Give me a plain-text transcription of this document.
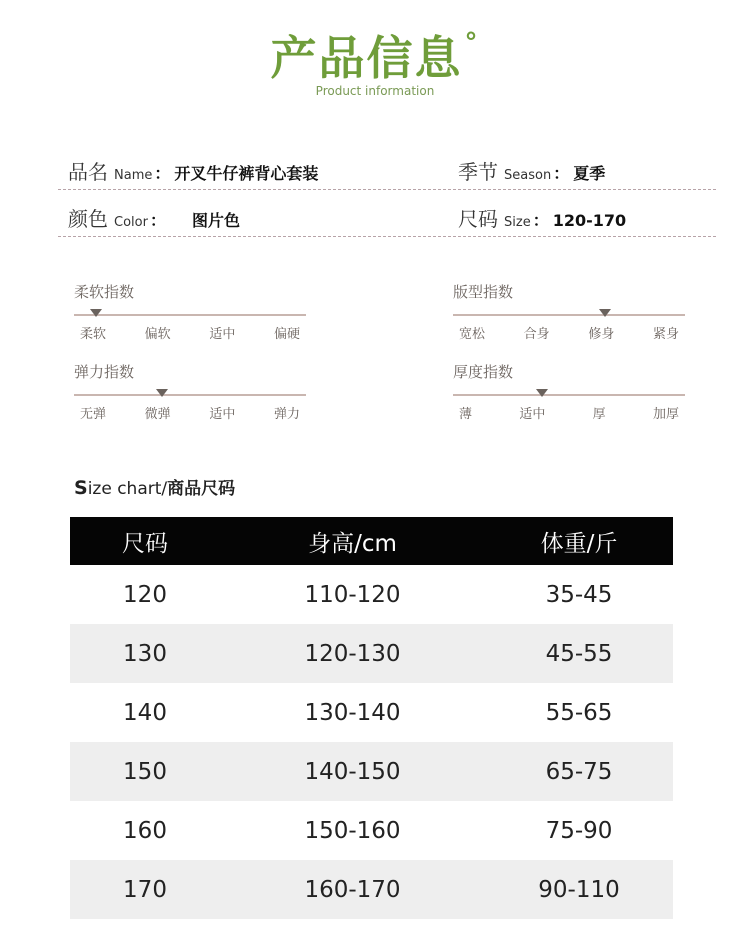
产品信息°
Product information
品名 Name ： 开叉牛仔裤背心套装	季节 Season ： 夏季
颜色 Color ： 图片色	尺码 Size ： 120-170
柔软指数
柔软	偏软	适中	偏硬
版型指数
宽松	合身	修身	紧身
弹力指数
无弹	微弹	适中	弹力
厚度指数
薄	适中	厚	加厚
Size chart/商品尺码
尺码	身高/cm	体重/斤
120	110-120	35-45
130	120-130	45-55
140	130-140	55-65
150	140-150	65-75
160	150-160	75-90
170	160-170	90-110
